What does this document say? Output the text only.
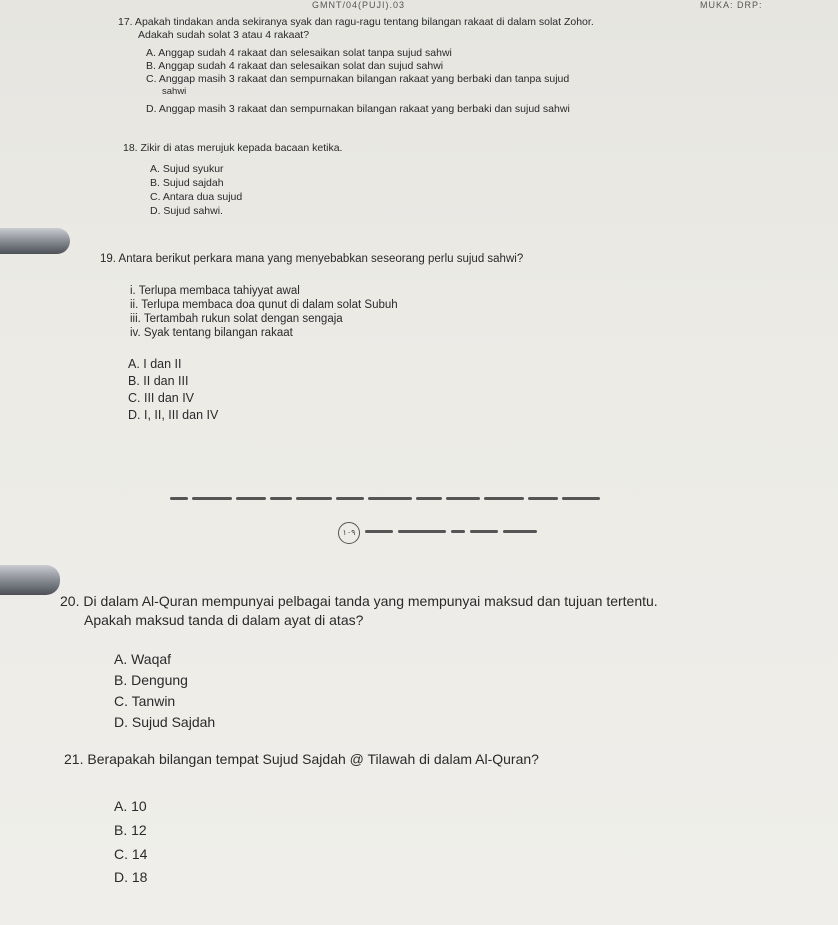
GMNT/04(PUJI).03	MUKA: DRP:
17. Apakah tindakan anda sekiranya syak dan ragu-ragu tentang bilangan rakaat di dalam solat Zohor.
Adakah sudah solat 3 atau 4 rakaat?
A. Anggap sudah 4 rakaat dan selesaikan solat tanpa sujud sahwi
B. Anggap sudah 4 rakaat dan selesaikan solat dan sujud sahwi
C. Anggap masih 3 rakaat dan sempurnakan bilangan rakaat yang berbaki dan tanpa sujud
sahwi
D. Anggap masih 3 rakaat dan sempurnakan bilangan rakaat yang berbaki dan sujud sahwi
18. Zikir di atas merujuk kepada bacaan ketika.
A. Sujud syukur
B. Sujud sajdah
C. Antara dua sujud
D. Sujud sahwi.
19. Antara berikut perkara mana yang menyebabkan seseorang perlu sujud sahwi?
i. Terlupa membaca tahiyyat awal
ii. Terlupa membaca doa qunut di dalam solat Subuh
iii. Tertambah rukun solat dengan sengaja
iv. Syak tentang bilangan rakaat
A. I dan II
B. II dan III
C. III dan IV
D. I, II, III dan IV
١٠٩
20. Di dalam Al-Quran mempunyai pelbagai tanda yang mempunyai maksud dan tujuan tertentu.
Apakah maksud tanda di dalam ayat di atas?
A. Waqaf
B. Dengung
C. Tanwin
D. Sujud Sajdah
21. Berapakah bilangan tempat Sujud Sajdah @ Tilawah di dalam Al-Quran?
A. 10
B. 12
C. 14
D. 18
